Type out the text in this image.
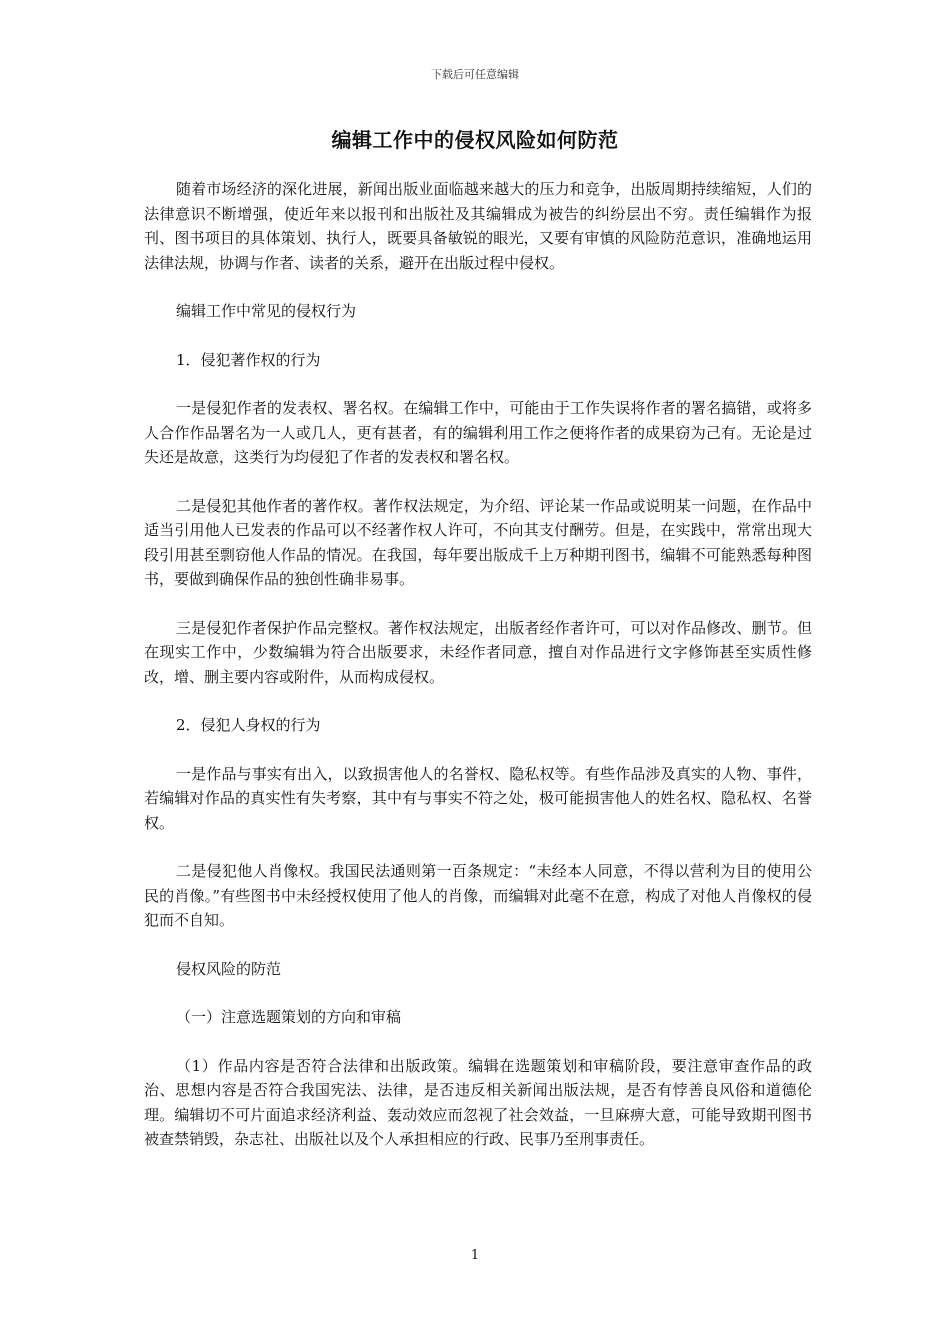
下载后可任意编辑
编辑工作中的侵权风险如何防范

随着市场经济的深化进展，新闻出版业面临越来越大的压力和竞争，出版周期持续缩短，人们的法律意识不断增强，使近年来以报刊和出版社及其编辑成为被告的纠纷层出不穷。责任编辑作为报刊、图书项目的具体策划、执行人，既要具备敏锐的眼光，又要有审慎的风险防范意识，准确地运用法律法规，协调与作者、读者的关系，避开在出版过程中侵权。

编辑工作中常见的侵权行为

1．侵犯著作权的行为

一是侵犯作者的发表权、署名权。在编辑工作中，可能由于工作失误将作者的署名搞错，或将多人合作作品署名为一人或几人，更有甚者，有的编辑利用工作之便将作者的成果窃为己有。无论是过失还是故意，这类行为均侵犯了作者的发表权和署名权。

二是侵犯其他作者的著作权。著作权法规定，为介绍、评论某一作品或说明某一问题，在作品中适当引用他人已发表的作品可以不经著作权人许可，不向其支付酬劳。但是，在实践中，常常出现大段引用甚至剽窃他人作品的情况。在我国，每年要出版成千上万种期刊图书，编辑不可能熟悉每种图书，要做到确保作品的独创性确非易事。

三是侵犯作者保护作品完整权。著作权法规定，出版者经作者许可，可以对作品修改、删节。但在现实工作中，少数编辑为符合出版要求，未经作者同意，擅自对作品进行文字修饰甚至实质性修改，增、删主要内容或附件，从而构成侵权。

2．侵犯人身权的行为

一是作品与事实有出入，以致损害他人的名誉权、隐私权等。有些作品涉及真实的人物、事件，若编辑对作品的真实性有失考察，其中有与事实不符之处，极可能损害他人的姓名权、隐私权、名誉权。

二是侵犯他人肖像权。我国民法通则第一百条规定：“未经本人同意，不得以营利为目的使用公民的肖像。”有些图书中未经授权使用了他人的肖像，而编辑对此毫不在意，构成了对他人肖像权的侵犯而不自知。

侵权风险的防范

（一）注意选题策划的方向和审稿

（1）作品内容是否符合法律和出版政策。编辑在选题策划和审稿阶段，要注意审查作品的政治、思想内容是否符合我国宪法、法律，是否违反相关新闻出版法规，是否有悖善良风俗和道德伦理。编辑切不可片面追求经济利益、轰动效应而忽视了社会效益，一旦麻痹大意，可能导致期刊图书被查禁销毁，杂志社、出版社以及个人承担相应的行政、民事乃至刑事责任。

1
